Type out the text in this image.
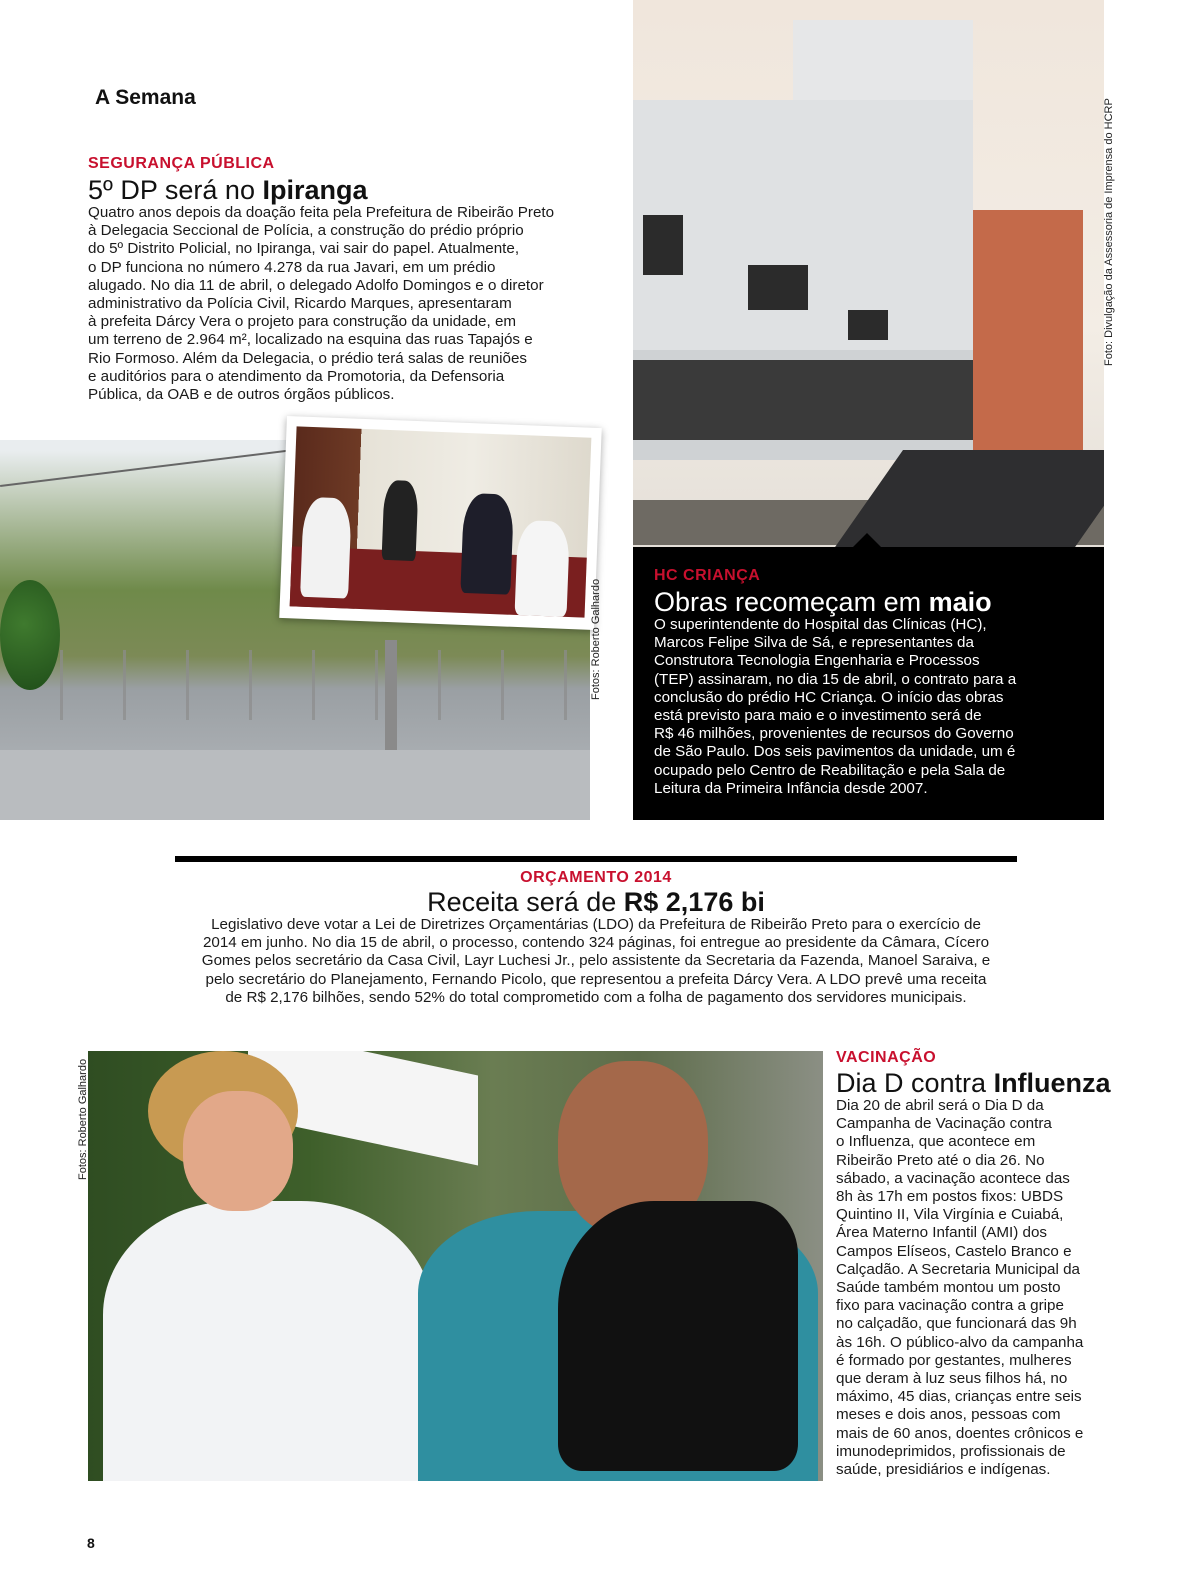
A Semana
SEGURANÇA PÚBLICA
5º DP será no Ipiranga
Quatro anos depois da doação feita pela Prefeitura de Ribeirão Preto
à Delegacia Seccional de Polícia, a construção do prédio próprio
do 5º Distrito Policial, no Ipiranga, vai sair do papel. Atualmente,
o DP funciona no número 4.278 da rua Javari, em um prédio
alugado. No dia 11 de abril, o delegado Adolfo Domingos e o diretor
administrativo da Polícia Civil, Ricardo Marques, apresentaram
à prefeita Dárcy Vera o projeto para construção da unidade, em
um terreno de 2.964 m², localizado na esquina das ruas Tapajós e
Rio Formoso. Além da Delegacia, o prédio terá salas de reuniões
e auditórios para o atendimento da Promotoria, da Defensoria
Pública, da OAB e de outros órgãos públicos.
Fotos: Roberto Galhardo
Foto: Divulgação da Assessoria de Imprensa do HCRP
HC CRIANÇA
Obras recomeçam em maio
O superintendente do Hospital das Clínicas (HC),
Marcos Felipe Silva de Sá, e representantes da
Construtora Tecnologia Engenharia e Processos
(TEP) assinaram, no dia 15 de abril, o contrato para a
conclusão do prédio HC Criança. O início das obras
está previsto para maio e o investimento será de
R$ 46 milhões, provenientes de recursos do Governo
de São Paulo. Dos seis pavimentos da unidade, um é
ocupado pelo Centro de Reabilitação e pela Sala de
Leitura da Primeira Infância desde 2007.
ORÇAMENTO 2014
Receita será de R$ 2,176 bi
Legislativo deve votar a Lei de Diretrizes Orçamentárias (LDO) da Prefeitura de Ribeirão Preto para o exercício de
2014 em junho. No dia 15 de abril, o processo, contendo 324 páginas, foi entregue ao presidente da Câmara, Cícero
Gomes pelos secretário da Casa Civil, Layr Luchesi Jr., pelo assistente da Secretaria da Fazenda, Manoel Saraiva, e
pelo secretário do Planejamento, Fernando Picolo, que representou a prefeita Dárcy Vera. A LDO prevê uma receita
de R$ 2,176 bilhões, sendo 52% do total comprometido com a folha de pagamento dos servidores municipais.
Fotos: Roberto Galhardo
VACINAÇÃO
Dia D contra Influenza
Dia 20 de abril será o Dia D da
Campanha de Vacinação contra
o Influenza, que acontece em
Ribeirão Preto até o dia 26. No
sábado, a vacinação acontece das
8h às 17h em postos fixos: UBDS
Quintino II, Vila Virgínia e Cuiabá,
Área Materno Infantil (AMI) dos
Campos Elíseos, Castelo Branco e
Calçadão. A Secretaria Municipal da
Saúde também montou um posto
fixo para vacinação contra a gripe
no calçadão, que funcionará das 9h
às 16h. O público-alvo da campanha
é formado por gestantes, mulheres
que deram à luz seus filhos há, no
máximo, 45 dias, crianças entre seis
meses e dois anos, pessoas com
mais de 60 anos, doentes crônicos e
imunodeprimidos, profissionais de
saúde, presidiários e indígenas.
8
